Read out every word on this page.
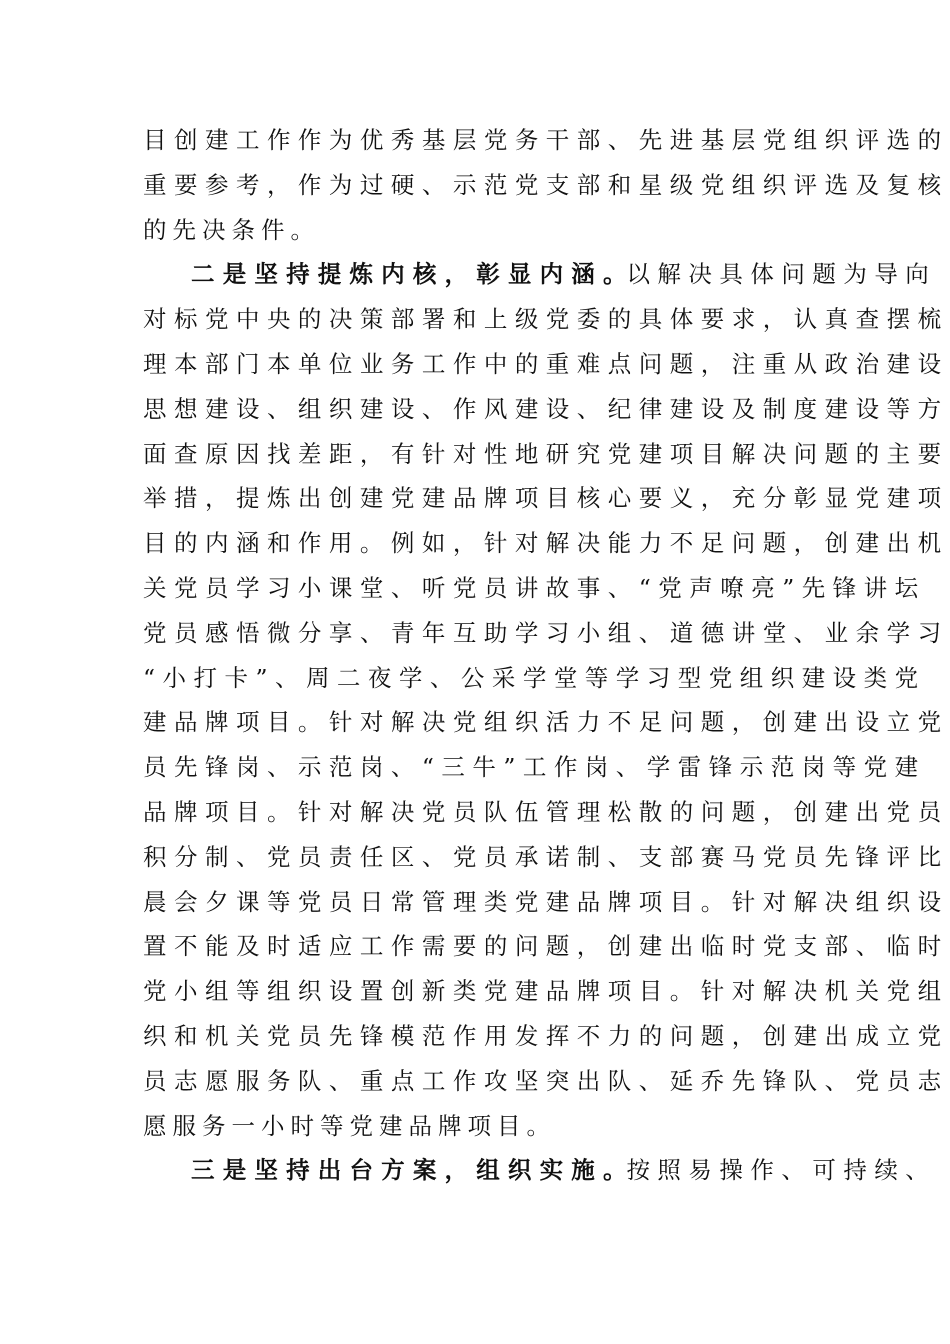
目​ 创​ 建​ 工​ 作​ 作​ 为​ 优​ 秀​ 基​ 层​ 党​ 务​ 干​ 部​ 、​ 先​ 进​ 基​ 层​ 党​ 组​ 织​ 评​ 选​ 的
重​ 要​ 参​ 考​ ，​ 作​ 为​ 过​ 硬​ 、​ 示​ 范​ 党​ 支​ 部​ 和​ 星​ 级​ 党​ 组​ 织​ 评​ 选​ 及​ 复​ 核
的先决条件。
二​ 是​ 坚​ 持​ 提​ 炼​ 内​ 核​ ，​ 彰​ 显​ 内​ 涵​ 。以​ 解​ 决​ 具​ 体​ 问​ 题​ 为​ 导​ 向
对​ 标​ 党​ 中​ 央​ 的​ 决​ 策​ 部​ 署​ 和​ 上​ 级​ 党​ 委​ 的​ 具​ 体​ 要​ 求​ ，​ 认​ 真​ 查​ 摆​ 梳
理​ 本​ 部​ 门​ 本​ 单​ 位​ 业​ 务​ 工​ 作​ 中​ 的​ 重​ 难​ 点​ 问​ 题​ ，​ 注​ 重​ 从​ 政​ 治​ 建​ 设
思​ 想​ 建​ 设​ 、​ 组​ 织​ 建​ 设​ 、​ 作​ 风​ 建​ 设​ 、​ 纪​ 律​ 建​ 设​ 及​ 制​ 度​ 建​ 设​ 等​ 方
面​ 查​ 原​ 因​ 找​ 差​ 距​ ，​ 有​ 针​ 对​ 性​ 地​ 研​ 究​ 党​ 建​ 项​ 目​ 解​ 决​ 问​ 题​ 的​ 主​ 要
举​ 措​ ，​ 提​ 炼​ 出​ 创​ 建​ 党​ 建​ 品​ 牌​ 项​ 目​ 核​ 心​ 要​ 义​ ，​ 充​ 分​ 彰​ 显​ 党​ 建​ 项
目​ 的​ 内​ 涵​ 和​ 作​ 用​ 。​ 例​ 如​ ，​ 针​ 对​ 解​ 决​ 能​ 力​ 不​ 足​ 问​ 题​ ，​ 创​ 建​ 出​ 机
关​ 党​ 员​ 学​ 习​ 小​ 课​ 堂​ 、​ 听​ 党​ 员​ 讲​ 故​ 事​ 、​ “​ 党​ 声​ 嘹​ 亮​ ”​ 先​ 锋​ 讲​ 坛
党​ 员​ 感​ 悟​ 微​ 分​ 享​ 、​ 青​ 年​ 互​ 助​ 学​ 习​ 小​ 组​ 、​ 道​ 德​ 讲​ 堂​ 、​ 业​ 余​ 学​ 习
“​ 小​ 打​ 卡​ ”​ 、​ 周​ 二​ 夜​ 学​ 、​ 公​ 采​ 学​ 堂​ 等​ 学​ 习​ 型​ 党​ 组​ 织​ 建​ 设​ 类​ 党
建​ 品​ 牌​ 项​ 目​ 。​ 针​ 对​ 解​ 决​ 党​ 组​ 织​ 活​ 力​ 不​ 足​ 问​ 题​ ，​ 创​ 建​ 出​ 设​ 立​ 党
员​ 先​ 锋​ 岗​ 、​ 示​ 范​ 岗​ 、​ “​ 三​ 牛​ ”​ 工​ 作​ 岗​ 、​ 学​ 雷​ 锋​ 示​ 范​ 岗​ 等​ 党​ 建
品​ 牌​ 项​ 目​ 。​ 针​ 对​ 解​ 决​ 党​ 员​ 队​ 伍​ 管​ 理​ 松​ 散​ 的​ 问​ 题​ ，​ 创​ 建​ 出​ 党​ 员
积​ 分​ 制​ 、​ 党​ 员​ 责​ 任​ 区​ 、​ 党​ 员​ 承​ 诺​ 制​ 、​ 支​ 部​ 赛​ 马​ 党​ 员​ 先​ 锋​ 评​ 比
晨​ 会​ 夕​ 课​ 等​ 党​ 员​ 日​ 常​ 管​ 理​ 类​ 党​ 建​ 品​ 牌​ 项​ 目​ 。​ 针​ 对​ 解​ 决​ 组​ 织​ 设
置​ 不​ 能​ 及​ 时​ 适​ 应​ 工​ 作​ 需​ 要​ 的​ 问​ 题​ ，​ 创​ 建​ 出​ 临​ 时​ 党​ 支​ 部​ 、​ 临​ 时
党​ 小​ 组​ 等​ 组​ 织​ 设​ 置​ 创​ 新​ 类​ 党​ 建​ 品​ 牌​ 项​ 目​ 。​ 针​ 对​ 解​ 决​ 机​ 关​ 党​ 组
织​ 和​ 机​ 关​ 党​ 员​ 先​ 锋​ 模​ 范​ 作​ 用​ 发​ 挥​ 不​ 力​ 的​ 问​ 题​ ，​ 创​ 建​ 出​ 成​ 立​ 党
员​ 志​ 愿​ 服​ 务​ 队​ 、​ 重​ 点​ 工​ 作​ 攻​ 坚​ 突​ 出​ 队​ 、​ 延​ 乔​ 先​ 锋​ 队​ 、​ 党​ 员​ 志
愿服务一小时等党建品牌项目。
三​ 是​ 坚​ 持​ 出​ 台​ 方​ 案​ ，​ 组​ 织​ 实​ 施​ 。按​ 照​ 易​ 操​ 作​ 、​ 可​ 持​ 续​ 、
